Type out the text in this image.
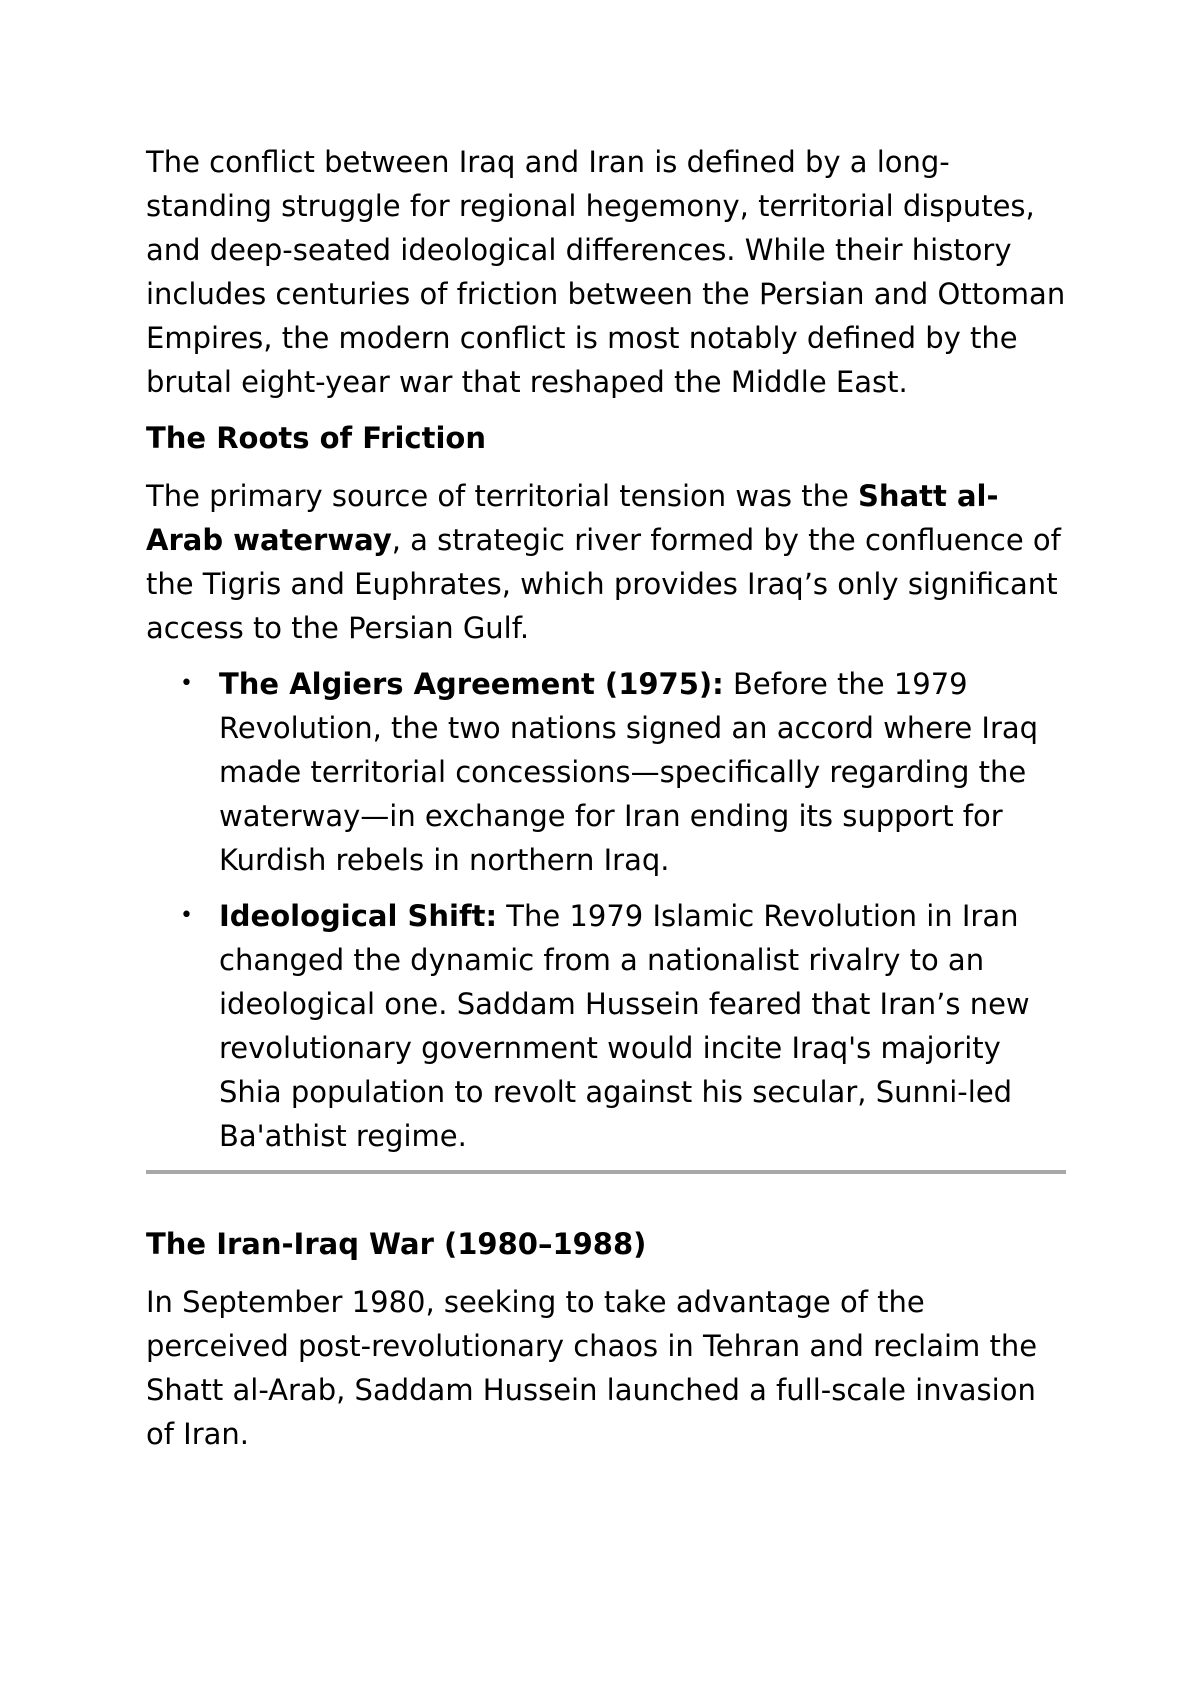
The conflict between Iraq and Iran is defined by a long-standing struggle for regional hegemony, territorial disputes, and deep-seated ideological differences. While their history includes centuries of friction between the Persian and Ottoman Empires, the modern conflict is most notably defined by the brutal eight-year war that reshaped the Middle East.

The Roots of Friction

The primary source of territorial tension was the Shatt al-Arab waterway, a strategic river formed by the confluence of the Tigris and Euphrates, which provides Iraq’s only significant access to the Persian Gulf.

• The Algiers Agreement (1975): Before the 1979 Revolution, the two nations signed an accord where Iraq made territorial concessions—specifically regarding the waterway—in exchange for Iran ending its support for Kurdish rebels in northern Iraq.
• Ideological Shift: The 1979 Islamic Revolution in Iran changed the dynamic from a nationalist rivalry to an ideological one. Saddam Hussein feared that Iran’s new revolutionary government would incite Iraq's majority Shia population to revolt against his secular, Sunni-led Ba'athist regime.
The Iran-Iraq War (1980–1988)

In September 1980, seeking to take advantage of the perceived post-revolutionary chaos in Tehran and reclaim the Shatt al-Arab, Saddam Hussein launched a full-scale invasion of Iran.
